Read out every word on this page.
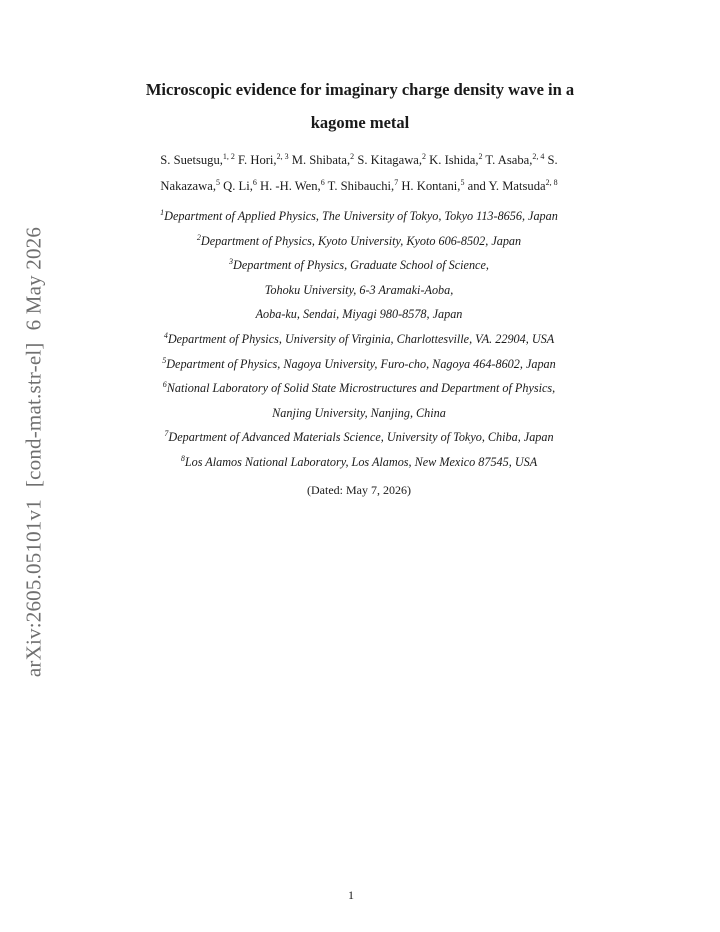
arXiv:2605.05101v1[cond-mat.str-el]6 May 2026
Microscopic evidence for imaginary charge density wave in a
kagome metal
S. Suetsugu,$^{1, 2}$ F. Hori,$^{2, 3}$ M. Shibata,$^2$ S. Kitagawa,$^2$ K. Ishida,$^2$ T. Asaba,$^{2, 4}$ S.
Nakazawa,$^5$ Q. Li,$^6$ H. -H. Wen,$^6$ T. Shibauchi,$^7$ H. Kontani,$^5$ and Y. Matsuda$^{2, 8}$
$^1$Department of Applied Physics, The University of Tokyo, Tokyo 113-8656, Japan
$^2$Department of Physics, Kyoto University, Kyoto 606-8502, Japan
$^3$Department of Physics, Graduate School of Science,
Tohoku University, 6-3 Aramaki-Aoba,
Aoba-ku, Sendai, Miyagi 980-8578, Japan
$^4$Department of Physics, University of Virginia, Charlottesville, VA. 22904, USA
$^5$Department of Physics, Nagoya University, Furo-cho, Nagoya 464-8602, Japan
$^6$National Laboratory of Solid State Microstructures and Department of Physics,
Nanjing University, Nanjing, China
$^7$Department of Advanced Materials Science, University of Tokyo, Chiba, Japan
$^8$Los Alamos National Laboratory, Los Alamos, New Mexico 87545, USA
(Dated: May 7, 2026)
1
